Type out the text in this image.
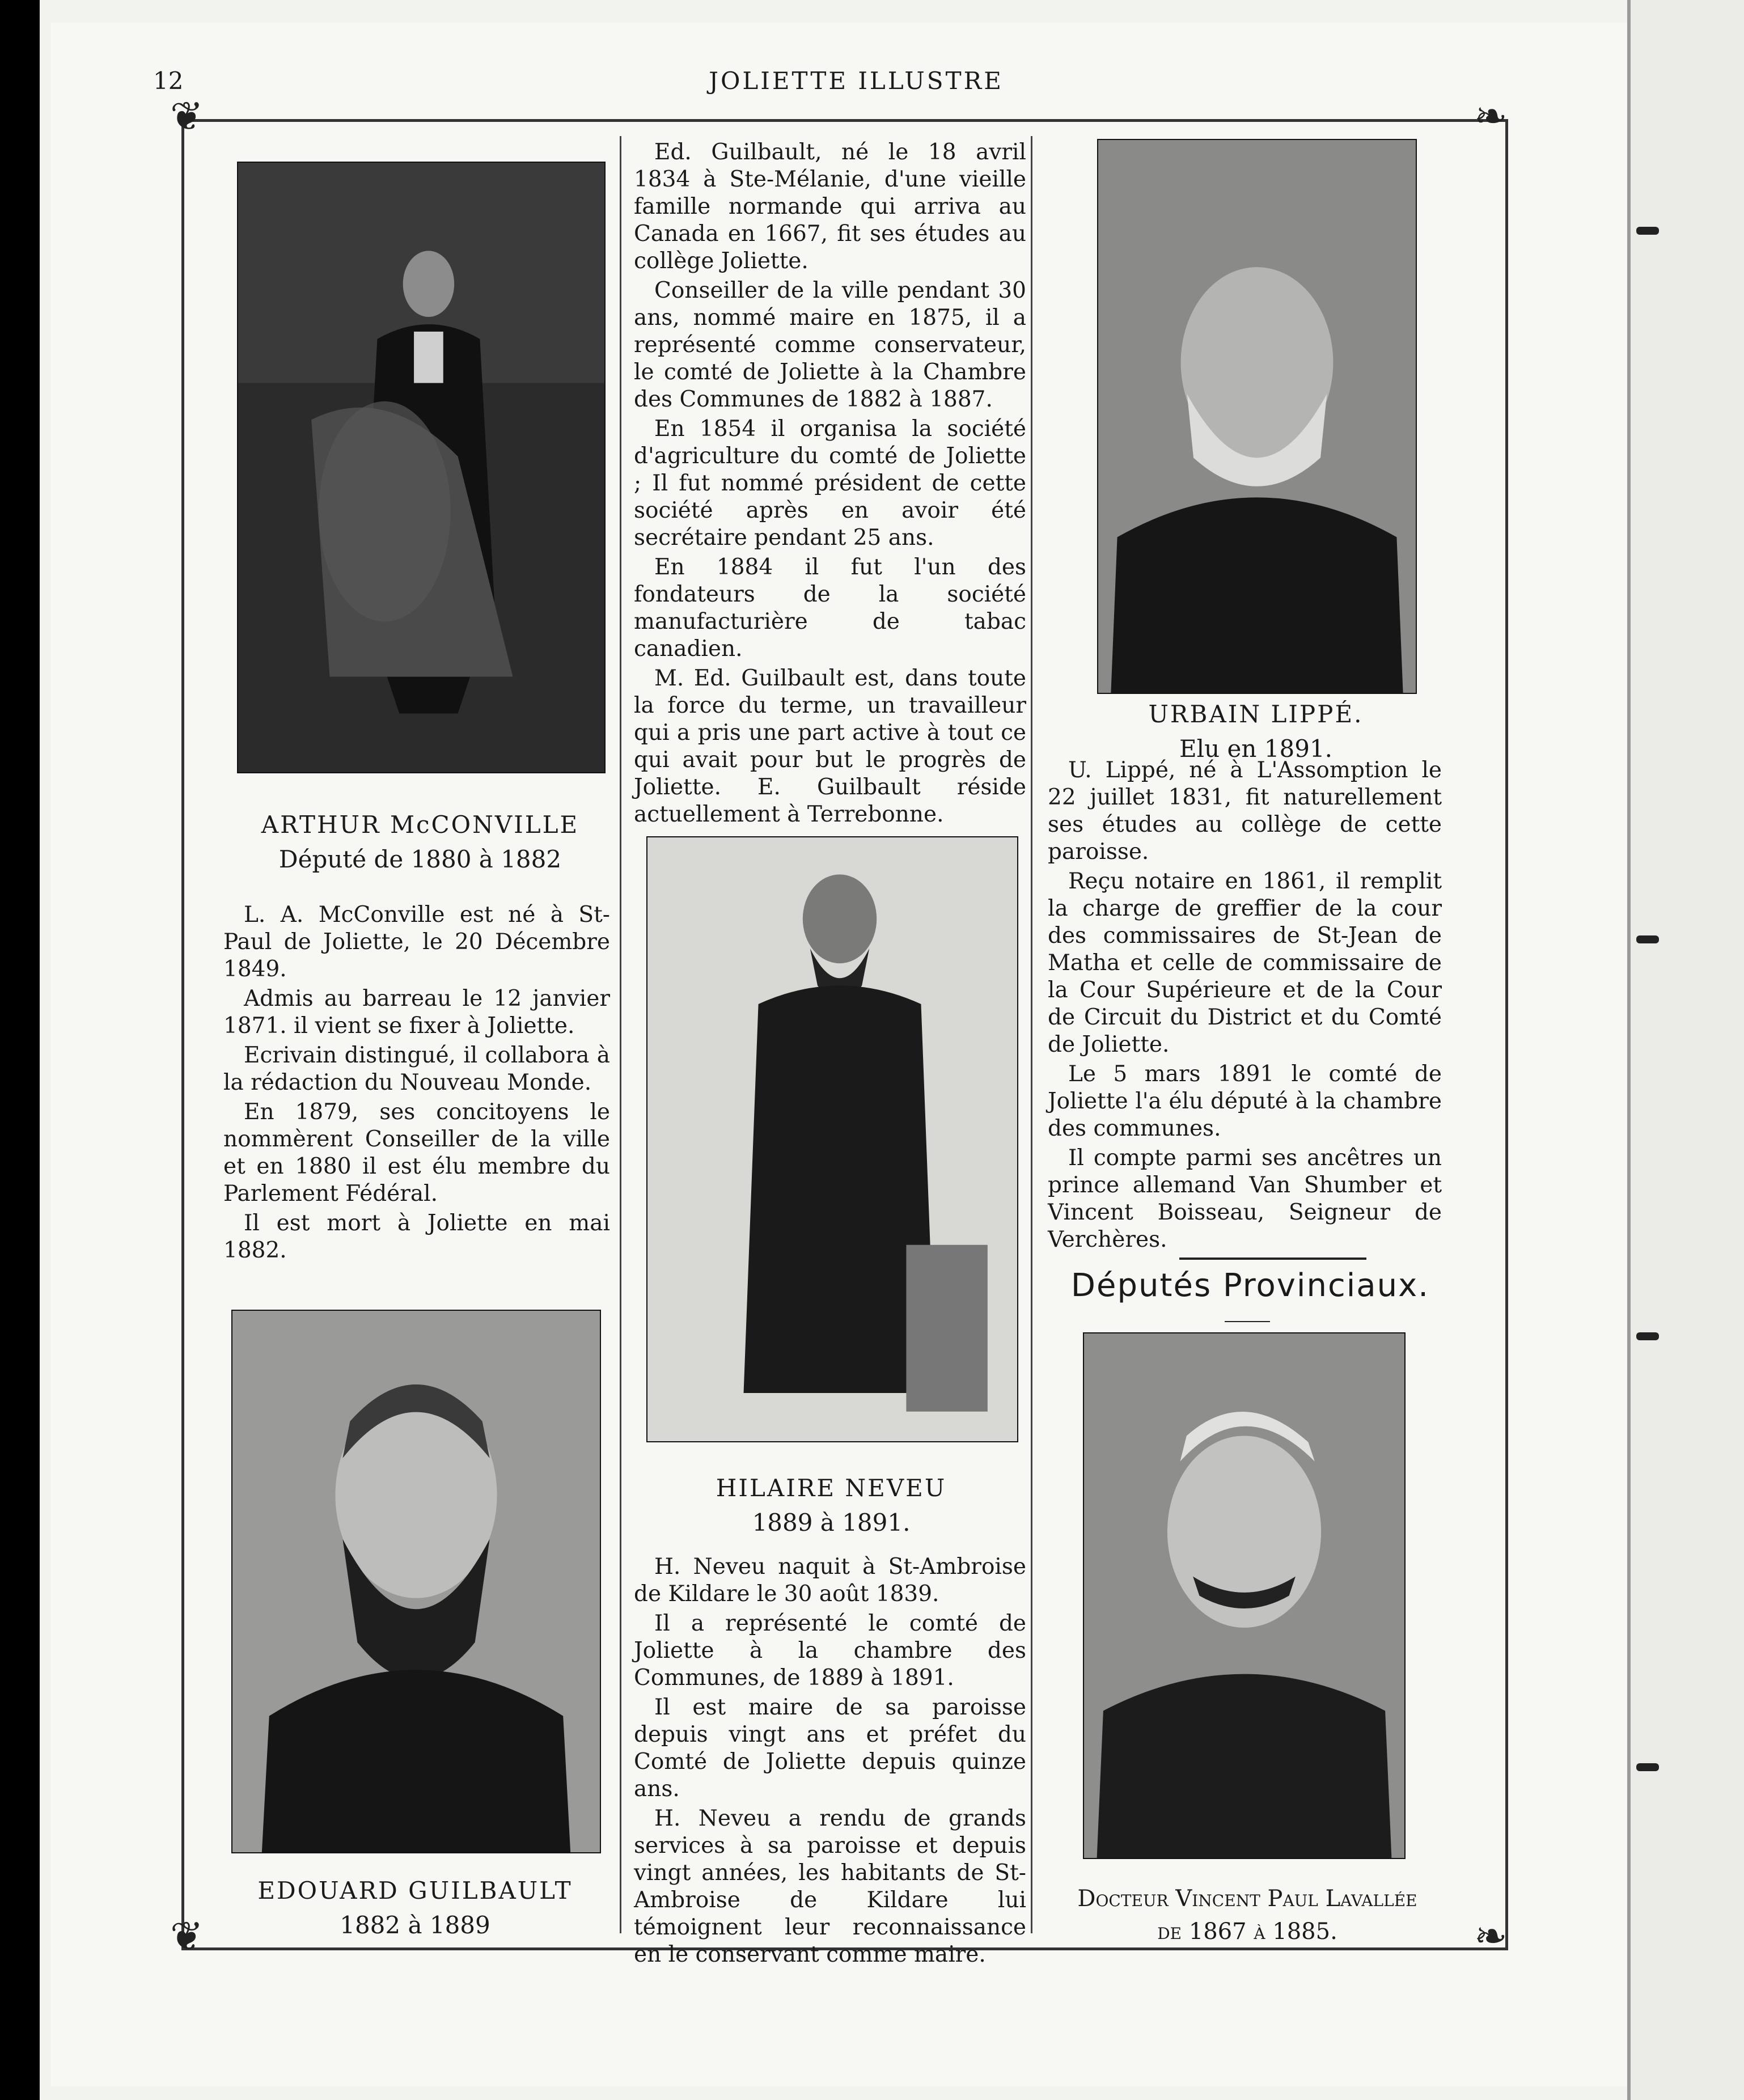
12	JOLIETTE ILLUSTRE
❦	❧
❦	❧
ARTHUR McCONVILLE
Député de 1880 à 1882

L. A. McConville est né à St-Paul de Joliette, le 20 Décembre 1849.

Admis au barreau le 12 janvier 1871. il vient se fixer à Joliette.

Ecrivain distingué, il collabora à la rédaction du Nouveau Monde.

En 1879, ses concitoyens le nommèrent Conseiller de la ville et en 1880 il est élu membre du Parlement Fédéral.

Il est mort à Joliette en mai 1882.

EDOUARD GUILBAULT
1882 à 1889

Ed. Guilbault, né le 18 avril 1834 à Ste-Mélanie, d'une vieille famille normande qui arriva au Canada en 1667, fit ses études au collège Joliette.

Conseiller de la ville pendant 30 ans, nommé maire en 1875, il a représenté comme conservateur, le comté de Joliette à la Chambre des Communes de 1882 à 1887.

En 1854 il organisa la société d'agriculture du comté de Joliette ; Il fut nommé président de cette société après en avoir été secrétaire pendant 25 ans.

En 1884 il fut l'un des fondateurs de la société manufacturière de tabac canadien.

M. Ed. Guilbault est, dans toute la force du terme, un travailleur qui a pris une part active à tout ce qui avait pour but le progrès de Joliette. E. Guilbault réside actuellement à Terrebonne.

HILAIRE NEVEU
1889 à 1891.

H. Neveu naquit à St-Ambroise de Kildare le 30 août 1839.

Il a représenté le comté de Joliette à la chambre des Communes, de 1889 à 1891.

Il est maire de sa paroisse depuis vingt ans et préfet du Comté de Joliette depuis quinze ans.

H. Neveu a rendu de grands services à sa paroisse et depuis vingt années, les habitants de St-Ambroise de Kildare lui témoignent leur reconnaissance en le conservant comme maire.

URBAIN LIPPÉ.
Elu en 1891.

U. Lippé, né à L'Assomption le 22 juillet 1831, fit naturellement ses études au collège de cette paroisse.

Reçu notaire en 1861, il remplit la charge de greffier de la cour des commissaires de St-Jean de Matha et celle de commissaire de la Cour Supérieure et de la Cour de Circuit du District et du Comté de Joliette.

Le 5 mars 1891 le comté de Joliette l'a élu député à la chambre des communes.

Il compte parmi ses ancêtres un prince allemand Van Shumber et Vincent Boisseau, Seigneur de Verchères.

Députés Provinciaux.
Docteur Vincent Paul Lavallée
de 1867 à 1885.
